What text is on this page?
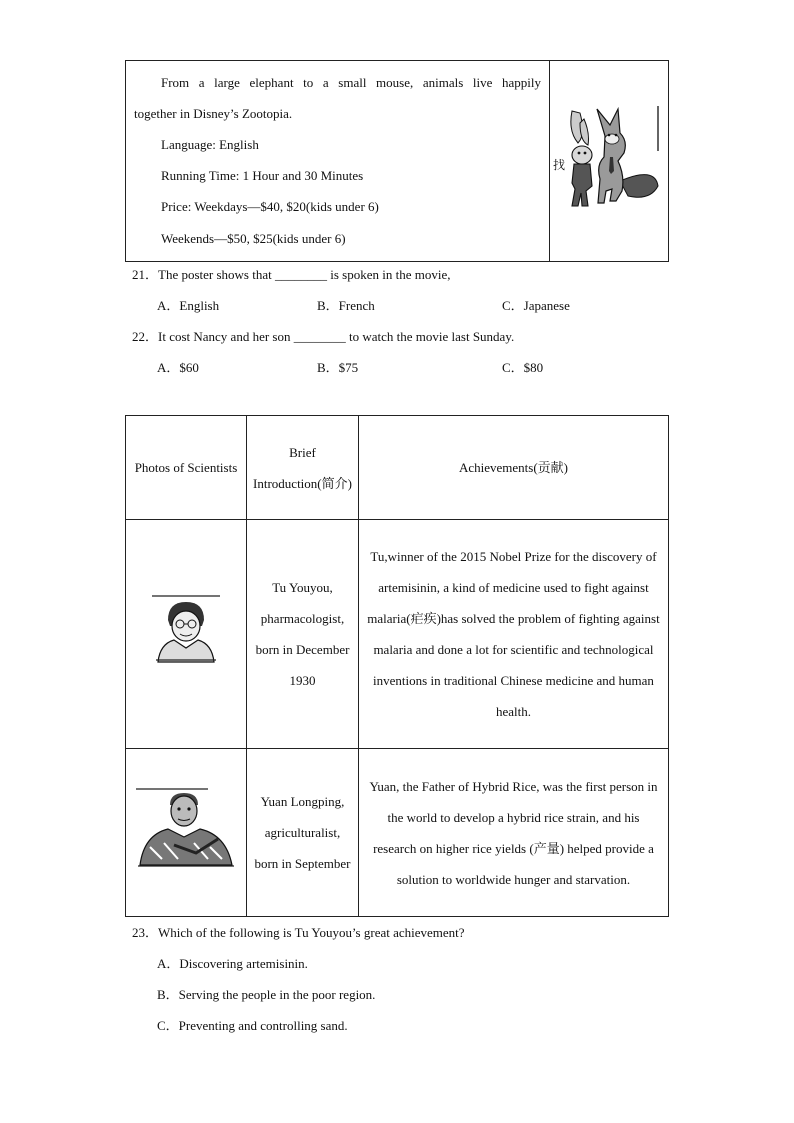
From a large elephant to a small mouse, animals live happily
together in Disney’s Zootopia.
Language: English
Running Time: 1 Hour and 30 Minutes
Price: Weekdays—$40, $20(kids under 6)
Weekends—$50, $25(kids under 6)

找
21．The poster shows that ________ is spoken in the movie,
A．English	B．French	C．Japanese
22．It cost Nancy and her son ________ to watch the movie last Sunday.
A．$60	B．$75	C．$80
Photos of Scientists	Brief Introduction(简介)	Achievements(贡献)
	Tu Youyou, pharmacologist, born in December 1930	Tu,winner of the 2015 Nobel Prize for the discovery of artemisinin, a kind of medicine used to fight against malaria(疟疾)has solved the problem of fighting against malaria and done a lot for scientific and technological inventions in traditional Chinese medicine and human health.
	Yuan Longping, agriculturalist, born in September	Yuan, the Father of Hybrid Rice, was the first person in the world to develop a hybrid rice strain, and his research on higher rice yields (产量) helped provide a solution to worldwide hunger and starvation.
23．Which of the following is Tu Youyou’s great achievement?
A．Discovering artemisinin.
B．Serving the people in the poor region.
C．Preventing and controlling sand.
